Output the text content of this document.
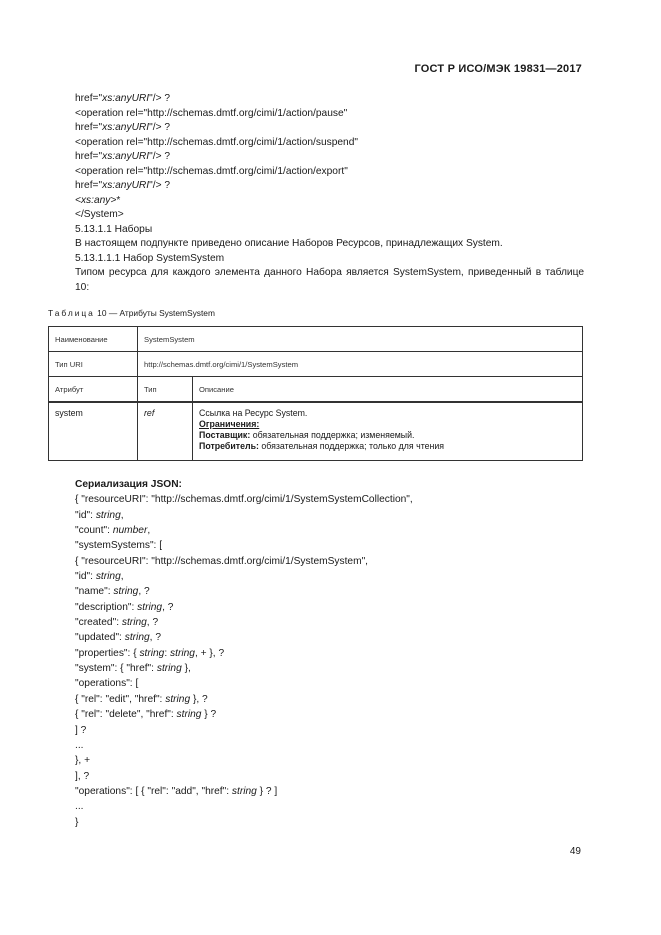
ГОСТ Р ИСО/МЭК 19831—2017
href="xs:anyURI"/> ?
<operation rel="http://schemas.dmtf.org/cimi/1/action/pause"
href="xs:anyURI"/> ?
<operation rel="http://schemas.dmtf.org/cimi/1/action/suspend"
href="xs:anyURI"/> ?
<operation rel="http://schemas.dmtf.org/cimi/1/action/export"
href="xs:anyURI"/> ?
<xs:any>*
</System>
5.13.1.1 Наборы
В настоящем подпункте приведено описание Наборов Ресурсов, принадлежащих System.
5.13.1.1.1 Набор SystemSystem
Типом ресурса для каждого элемента данного Набора является SystemSystem, приведенный в таблице 10:
Таблица 10 — Атрибуты SystemSystem
Наименование	SystemSystem	
Тип URI	http://schemas.dmtf.org/cimi/1/SystemSystem	
Атрибут	Тип	Описание
system	ref	Ссылка на Ресурс System.
Ограничения:
Поставщик: обязательная поддержка; изменяемый.
Потребитель: обязательная поддержка; только для чтения
Сериализация JSON:
{ "resourceURI": "http://schemas.dmtf.org/cimi/1/SystemSystemCollection",
"id": string,
"count": number,
"systemSystems": [
{ "resourceURI": "http://schemas.dmtf.org/cimi/1/SystemSystem",
"id": string,
"name": string, ?
"description": string, ?
"created": string, ?
"updated": string, ?
"properties": { string: string, + }, ?
"system": { "href": string },
"operations": [
{ "rel": "edit", "href": string }, ?
{ "rel": "delete", "href": string } ?
] ?
...
}, +
], ?
"operations": [ { "rel": "add", "href": string } ? ]
...
}
49
